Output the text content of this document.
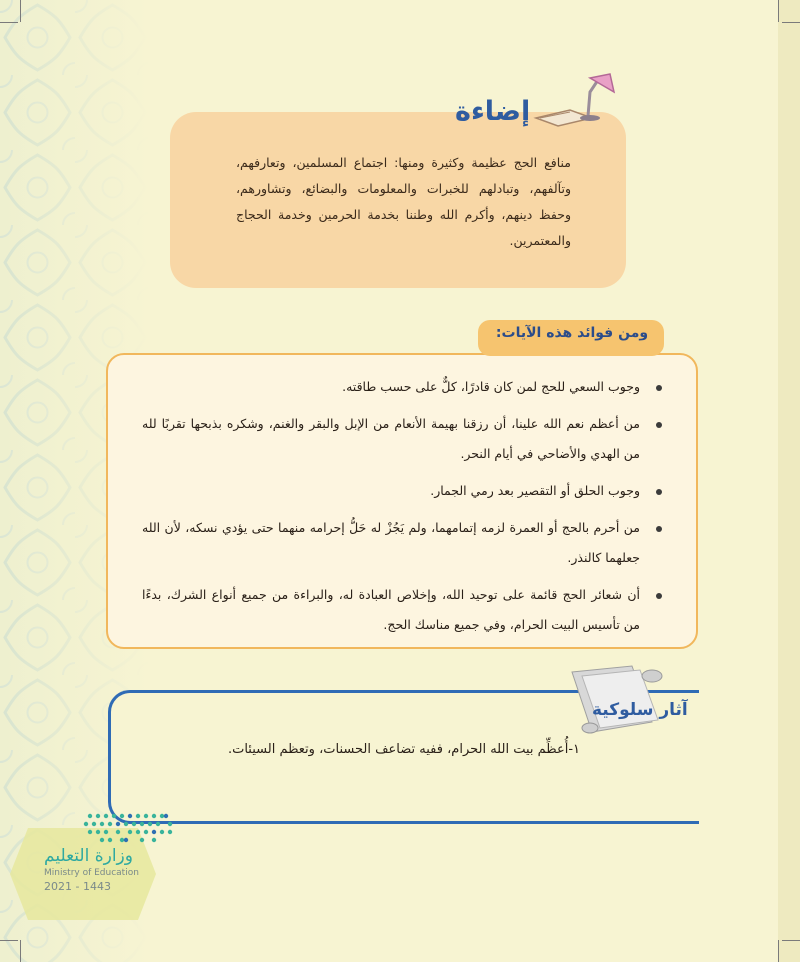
إضاءة
منافع الحج عظيمة وكثيرة ومنها: اجتماع المسلمين، وتعارفهم، وتآلفهم، وتبادلهم للخبرات والمعلومات والبضائع، وتشاورهم، وحفظ دينهم، وأكرم الله وطننا بخدمة الحرمين وخدمة الحجاج والمعتمرين.
ومن فوائد هذه الآيات:
وجوب السعي للحج لمن كان قادرًا، كلٌّ على حسب طاقته.
من أعظم نعم الله علينا، أن رزقنا بهيمة الأنعام من الإبل والبقر والغنم، وشكره بذبحها تقربًا لله من الهدي والأضاحي في أيام النحر.
وجوب الحلق أو التقصير بعد رمي الجمار.
من أحرم بالحج أو العمرة لزمه إتمامهما، ولم يَجُزْ له حَلُّ إحرامه منهما حتى يؤدي نسكه، لأن الله جعلهما كالنذر.
أن شعائر الحج قائمة على توحيد الله، وإخلاص العبادة له، والبراءة من جميع أنواع الشرك، بدءًا من تأسيس البيت الحرام، وفي جميع مناسك الحج.
آثار سلوكية
١-أُعظِّم بيت الله الحرام، ففيه تضاعف الحسنات، وتعظم السيئات.
وزارة التعليم
Ministry of Education
2021 - 1443
